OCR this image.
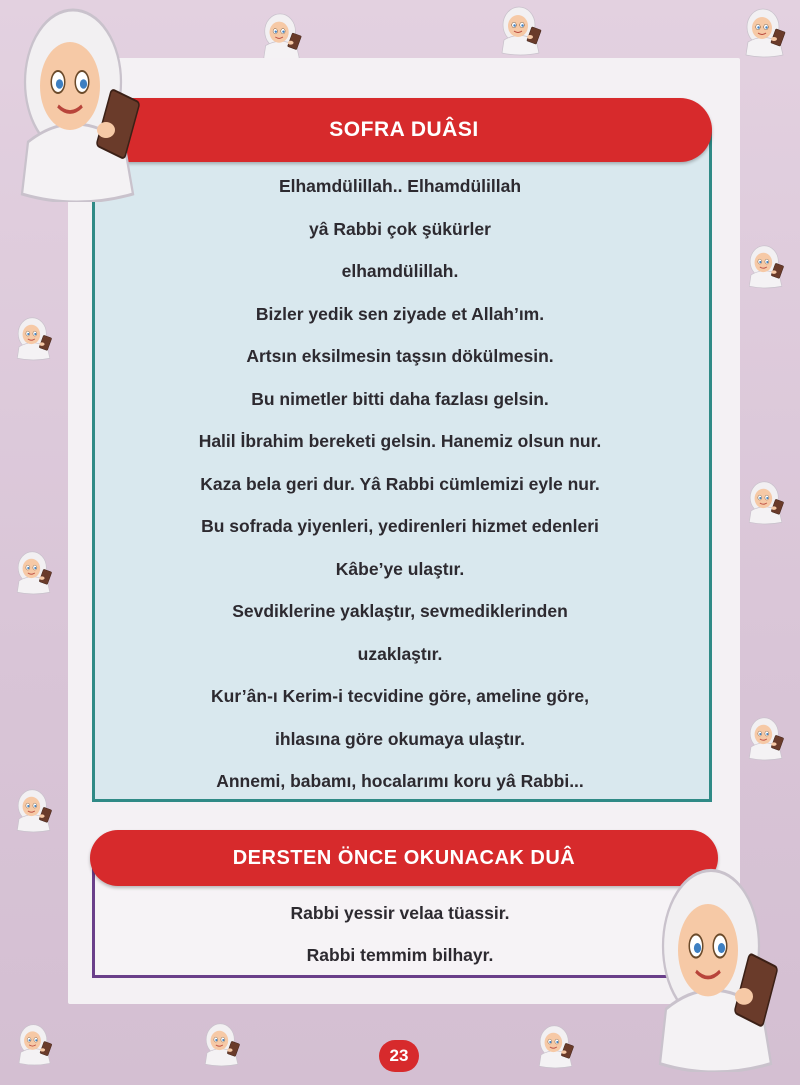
SOFRA DUÂSI
Elhamdülillah.. Elhamdülillah
yâ Rabbi çok şükürler
elhamdülillah.
Bizler yedik sen ziyade et Allah’ım.
Artsın eksilmesin taşsın dökülmesin.
Bu nimetler bitti daha fazlası gelsin.
Halil İbrahim bereketi gelsin. Hanemiz olsun nur.
Kaza bela geri dur. Yâ Rabbi cümlemizi eyle nur.
Bu sofrada yiyenleri, yedirenleri hizmet edenleri
Kâbe’ye ulaştır.
Sevdiklerine yaklaştır, sevmediklerinden
uzaklaştır.
Kur’ân-ı Kerim-i tecvidine göre, ameline göre,
ihlasına göre okumaya ulaştır.
Annemi, babamı, hocalarımı koru yâ Rabbi...
DERSTEN ÖNCE OKUNACAK DUÂ
Rabbi yessir velaa tüassir.
Rabbi temmim bilhayr.
23
